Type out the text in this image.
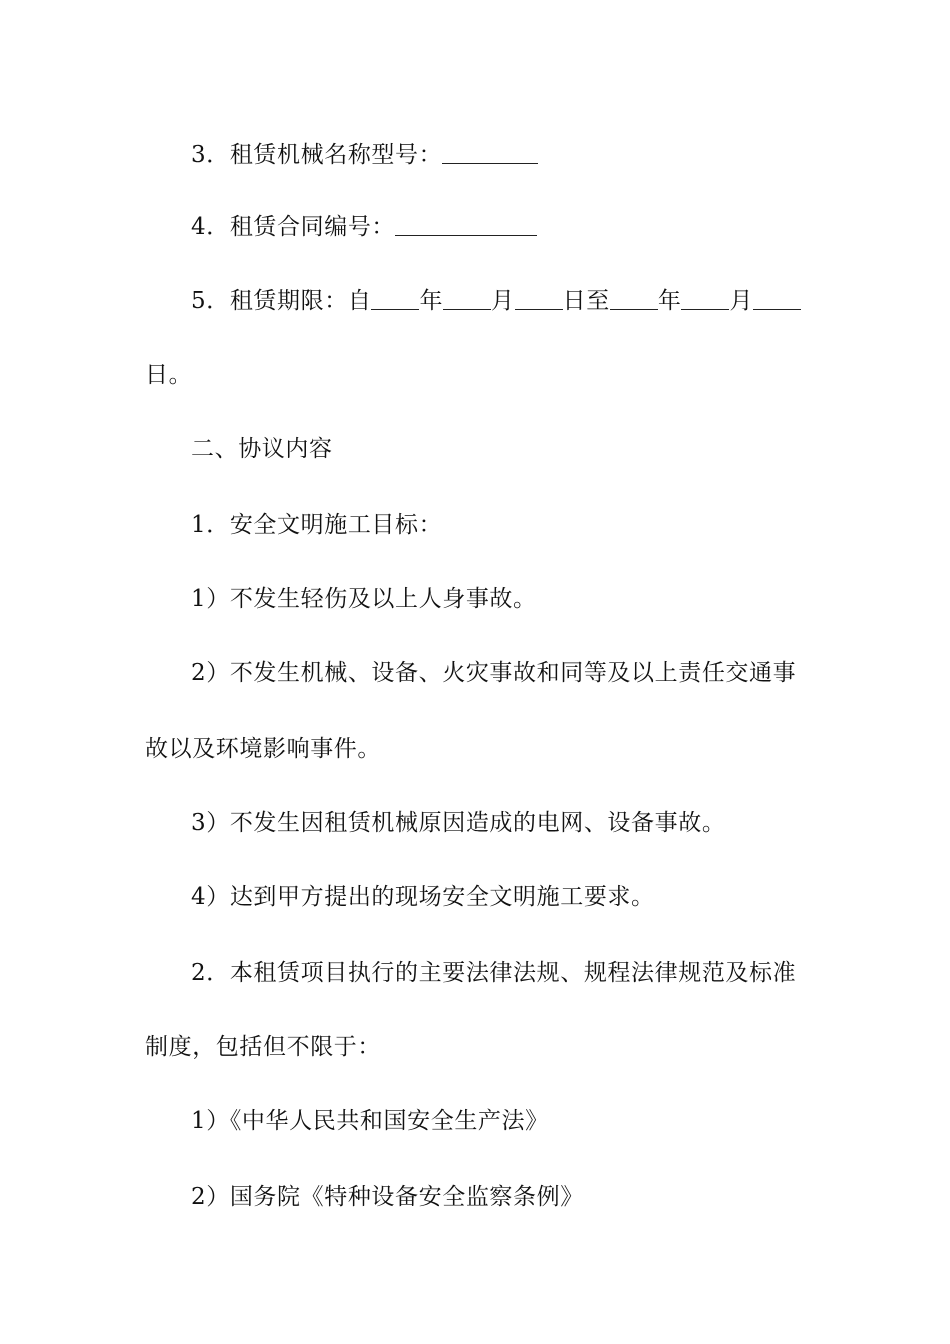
3．租赁机械名称型号：
4．租赁合同编号：
5．租赁期限：自 年 月 日至 年 月
日。
二、协议内容
1．安全文明施工目标：
1）不发生轻伤及以上人身事故。
2）不发生机械、设备、火灾事故和同等及以上责任交通事
故以及环境影响事件。
3）不发生因租赁机械原因造成的电网、设备事故。
4）达到甲方提出的现场安全文明施工要求。
2．本租赁项目执行的主要法律法规、规程法律规范及标准
制度，包括但不限于：
1）《中华人民共和国安全生产法》
2）国务院《特种设备安全监察条例》
